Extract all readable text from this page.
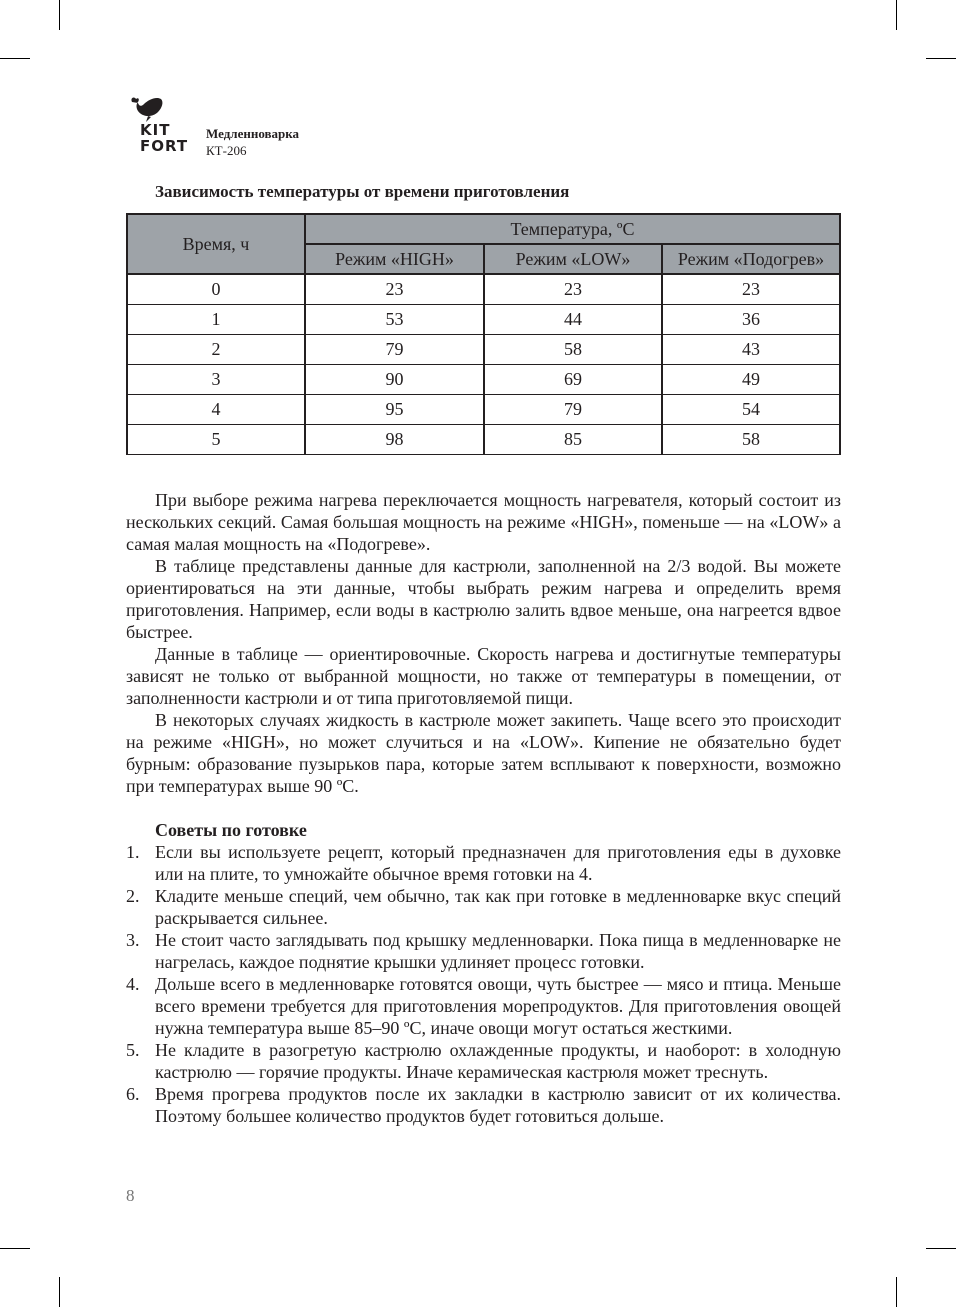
KIT
FORT
Медленноварка
КТ-206
Зависимость температуры от времени приготовления
Время, ч	Температура, ºС		
	Режим «HIGH»	Режим «LOW»	Режим «Подогрев»
0	23	23	23
1	53	44	36
2	79	58	43
3	90	69	49
4	95	79	54
5	98	85	58

При выборе режима нагрева переключается мощность нагревателя, который состоит из нескольких секций. Самая большая мощность на режиме «HIGH», поменьше — на «LOW» а самая малая мощность на «Подогреве».

В таблице представлены данные для кастрюли, заполненной на 2/3 водой. Вы можете ориентироваться на эти данные, чтобы выбрать режим нагрева и определить время приготовления. Например, если воды в кастрюлю залить вдвое меньше, она нагреется вдвое быстрее.

Данные в таблице — ориентировочные. Скорость нагрева и достигнутые температуры зависят не только от выбранной мощности, но также от температуры в помещении, от заполненности кастрюли и от типа приготовляемой пищи.

В некоторых случаях жидкость в кастрюле может закипеть. Чаще всего это происходит на режиме «HIGH», но может случиться и на «LOW». Кипение не обязательно будет бурным: образование пузырьков пара, которые затем всплывают к поверхности, возможно при температурах выше 90 ºС.

Советы по готовке
1. Если вы используете рецепт, который предназначен для приготовления еды в духовке или на плите, то умножайте обычное время готовки на 4.
2. Кладите меньше специй, чем обычно, так как при готовке в медленноварке вкус специй раскрывается сильнее.
3. Не стоит часто заглядывать под крышку медленноварки. Пока пища в медленноварке не нагрелась, каждое поднятие крышки удлиняет процесс готовки.
4. Дольше всего в медленноварке готовятся овощи, чуть быстрее — мясо и птица. Меньше всего времени требуется для приготовления морепродуктов. Для приготовления овощей нужна температура выше 85–90 ºС, иначе овощи могут остаться жесткими.
5. Не кладите в разогретую кастрюлю охлажденные продукты, и наоборот: в холодную кастрюлю — горячие продукты. Иначе керамическая кастрюля может треснуть.
6. Время прогрева продуктов после их закладки в кастрюлю зависит от их количества. Поэтому большее количество продуктов будет готовиться дольше.
8
